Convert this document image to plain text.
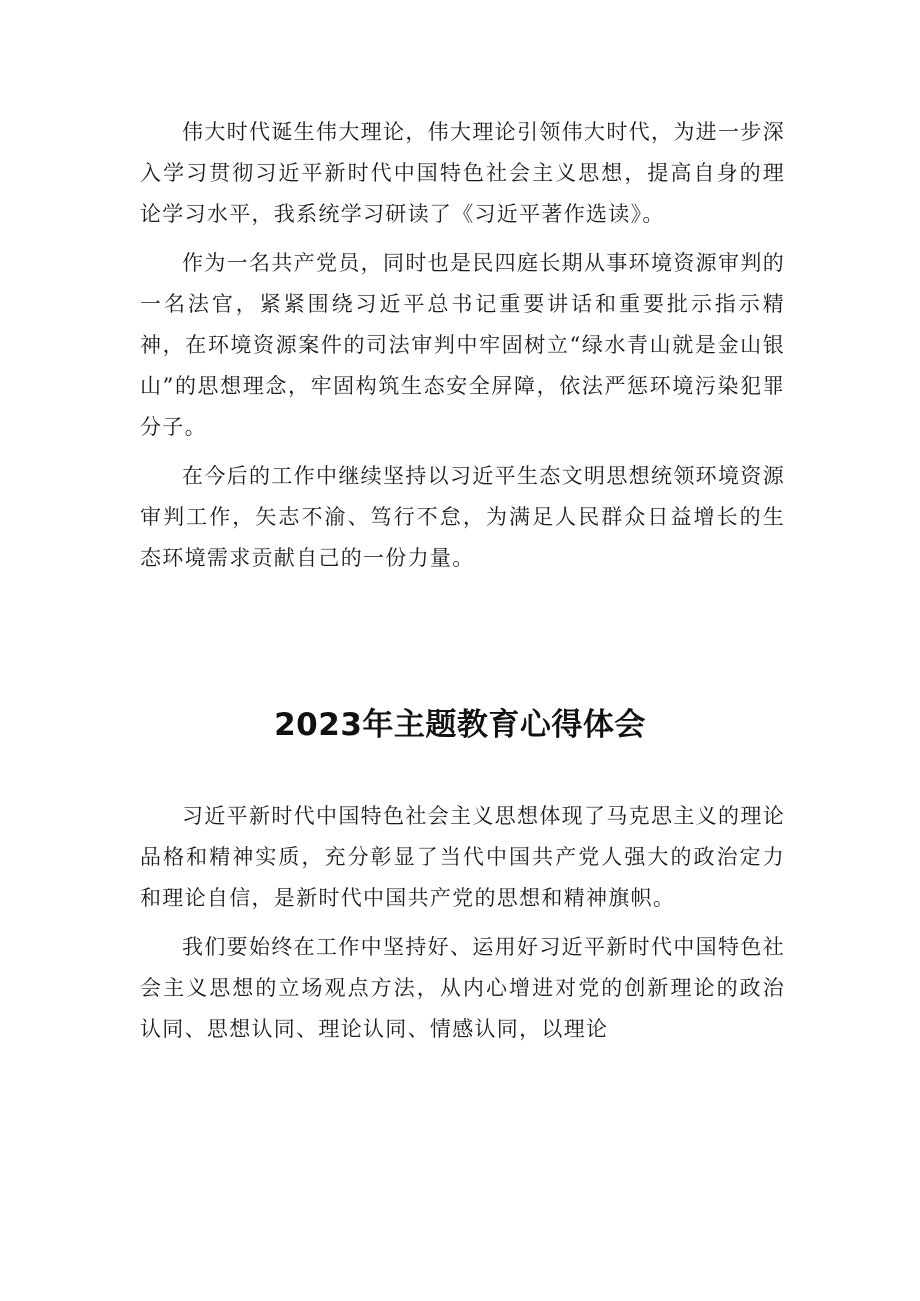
伟大时代诞生伟大理论，伟大理论引领伟大时代，为进一步深入学习贯彻习近平新时代中国特色社会主义思想，提高自身的理论学习水平，我系统学习研读了《习近平著作选读》。

作为一名共产党员，同时也是民四庭长期从事环境资源审判的一名法官，紧紧围绕习近平总书记重要讲话和重要批示指示精神，在环境资源案件的司法审判中牢固树立“绿水青山就是金山银山”的思想理念，牢固构筑生态安全屏障，依法严惩环境污染犯罪分子。

在今后的工作中继续坚持以习近平生态文明思想统领环境资源审判工作，矢志不渝、笃行不怠，为满足人民群众日益增长的生态环境需求贡献自己的一份力量。

2023年主题教育心得体会

习近平新时代中国特色社会主义思想体现了马克思主义的理论品格和精神实质，充分彰显了当代中国共产党人强大的政治定力和理论自信，是新时代中国共产党的思想和精神旗帜。

我们要始终在工作中坚持好、运用好习近平新时代中国特色社会主义思想的立场观点方法，从内心增进对党的创新理论的政治认同、思想认同、理论认同、情感认同，以理论
